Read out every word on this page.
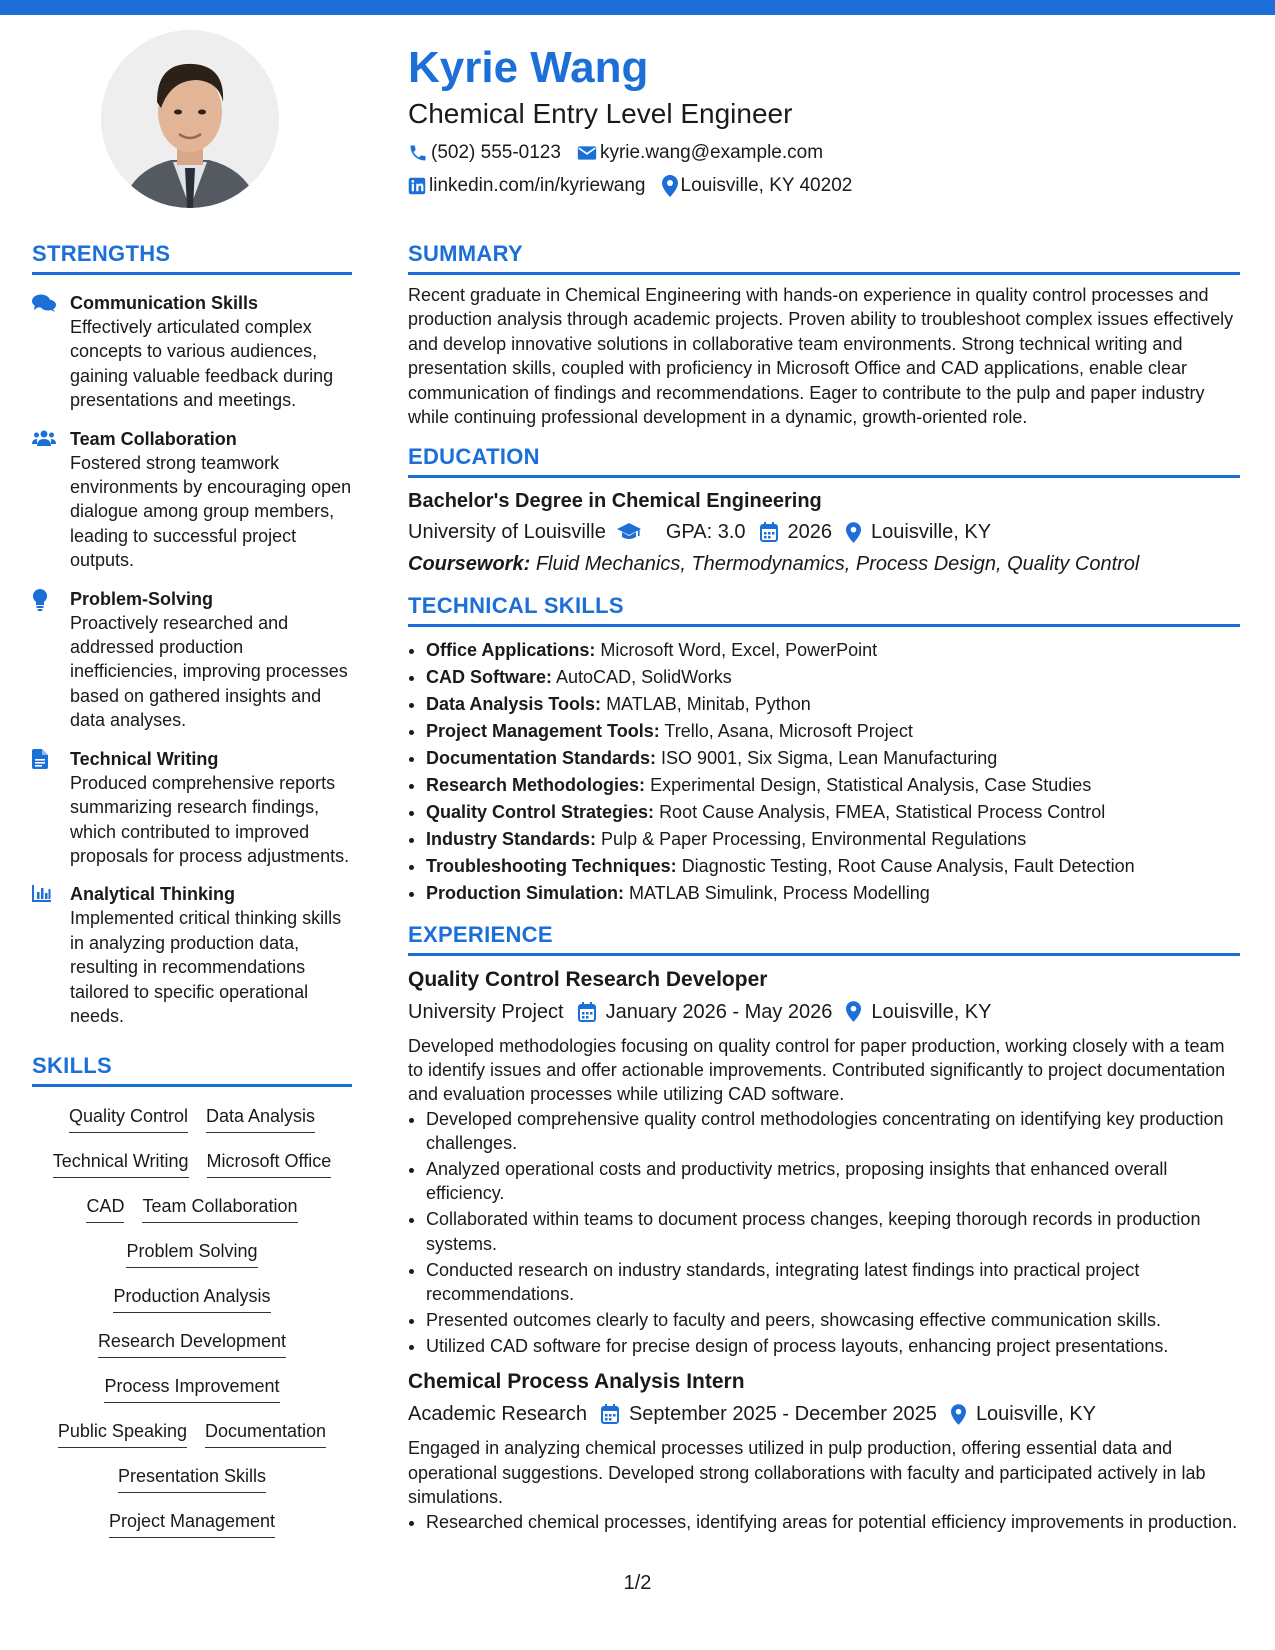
Kyrie Wang
Chemical Entry Level Engineer
(502) 555-0123 kyrie.wang@example.com
linkedin.com/in/kyriewang Louisville, KY 40202
STRENGTHS
Communication Skills
Effectively articulated complex concepts to various audiences, gaining valuable feedback during presentations and meetings.
Team Collaboration
Fostered strong teamwork environments by encouraging open dialogue among group members, leading to successful project outputs.
Problem-Solving
Proactively researched and addressed production inefficiencies, improving processes based on gathered insights and data analyses.
Technical Writing
Produced comprehensive reports summarizing research findings, which contributed to improved proposals for process adjustments.
Analytical Thinking
Implemented critical thinking skills in analyzing production data, resulting in recommendations tailored to specific operational needs.
SKILLS
Quality Control Data Analysis
Technical Writing Microsoft Office
CAD Team Collaboration
Problem Solving
Production Analysis
Research Development
Process Improvement
Public Speaking Documentation
Presentation Skills
Project Management
SUMMARY
Recent graduate in Chemical Engineering with hands-on experience in quality control processes and production analysis through academic projects. Proven ability to troubleshoot complex issues effectively and develop innovative solutions in collaborative team environments. Strong technical writing and presentation skills, coupled with proficiency in Microsoft Office and CAD applications, enable clear communication of findings and recommendations. Eager to contribute to the pulp and paper industry while continuing professional development in a dynamic, growth-oriented role.
EDUCATION
Bachelor's Degree in Chemical Engineering
University of Louisville	GPA: 3.0 2026 Louisville, KY
Coursework: Fluid Mechanics, Thermodynamics, Process Design, Quality Control
TECHNICAL SKILLS
• Office Applications: Microsoft Word, Excel, PowerPoint
• CAD Software: AutoCAD, SolidWorks
• Data Analysis Tools: MATLAB, Minitab, Python
• Project Management Tools: Trello, Asana, Microsoft Project
• Documentation Standards: ISO 9001, Six Sigma, Lean Manufacturing
• Research Methodologies: Experimental Design, Statistical Analysis, Case Studies
• Quality Control Strategies: Root Cause Analysis, FMEA, Statistical Process Control
• Industry Standards: Pulp & Paper Processing, Environmental Regulations
• Troubleshooting Techniques: Diagnostic Testing, Root Cause Analysis, Fault Detection
• Production Simulation: MATLAB Simulink, Process Modelling
EXPERIENCE
Quality Control Research Developer
University Project January 2026 - May 2026 Louisville, KY
Developed methodologies focusing on quality control for paper production, working closely with a team to identify issues and offer actionable improvements. Contributed significantly to project documentation and evaluation processes while utilizing CAD software.
• Developed comprehensive quality control methodologies concentrating on identifying key production challenges.
• Analyzed operational costs and productivity metrics, proposing insights that enhanced overall efficiency.
• Collaborated within teams to document process changes, keeping thorough records in production systems.
• Conducted research on industry standards, integrating latest findings into practical project recommendations.
• Presented outcomes clearly to faculty and peers, showcasing effective communication skills.
• Utilized CAD software for precise design of process layouts, enhancing project presentations.
Chemical Process Analysis Intern
Academic Research September 2025 - December 2025 Louisville, KY
Engaged in analyzing chemical processes utilized in pulp production, offering essential data and operational suggestions. Developed strong collaborations with faculty and participated actively in lab simulations.
• Researched chemical processes, identifying areas for potential efficiency improvements in production.
1/2
